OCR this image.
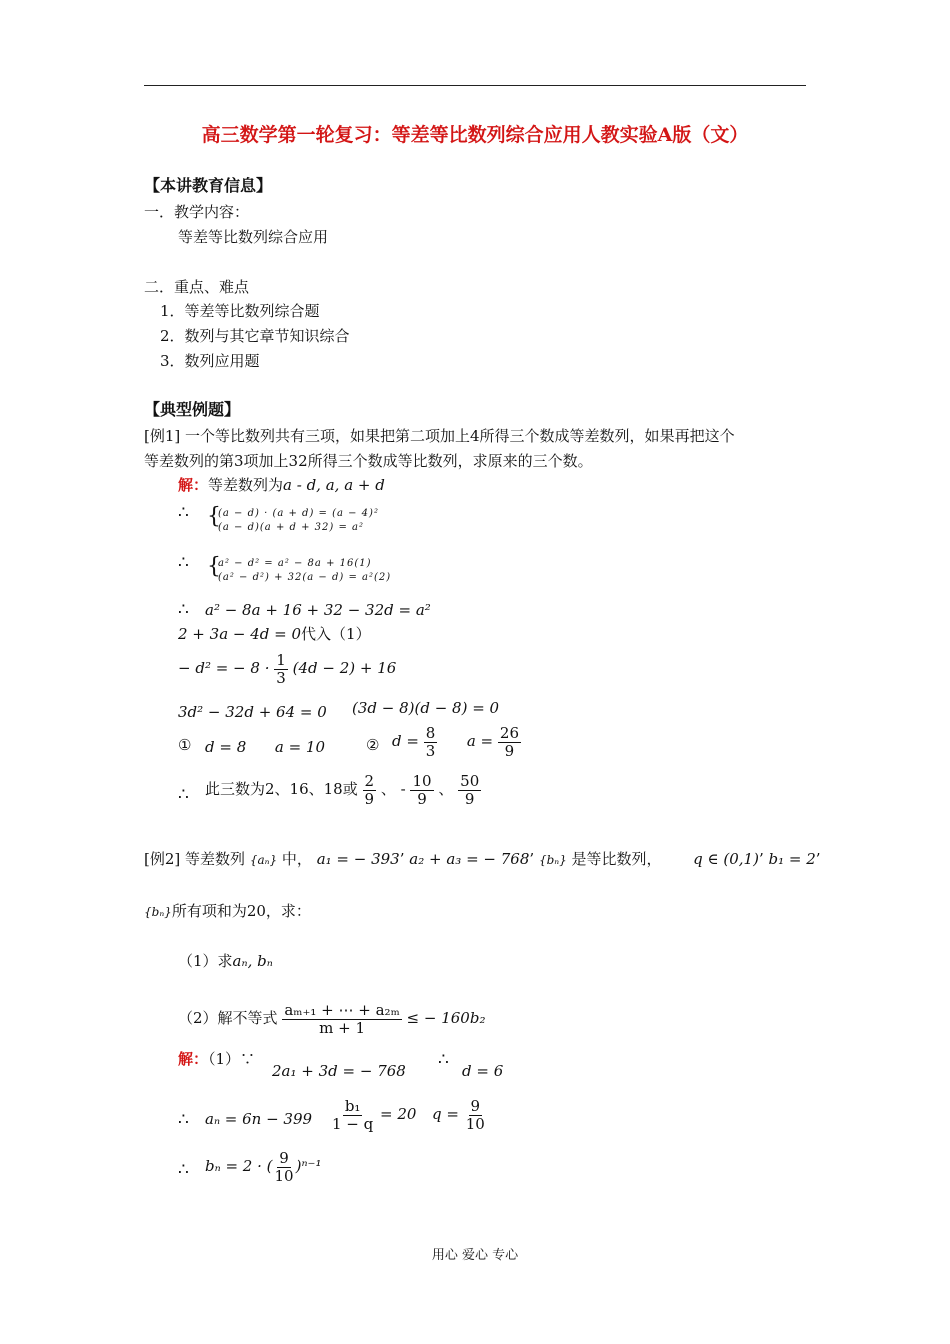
高三数学第一轮复习：等差等比数列综合应用人教实验A版（文）
【本讲教育信息】
一．教学内容：
等差等比数列综合应用
二．重点、难点
1．等差等比数列综合题
2．数列与其它章节知识综合
3．数列应用题
【典型例题】
[例1] 一个等比数列共有三项，如果把第二项加上4所得三个数成等差数列，如果再把这个
等差数列的第3项加上32所得三个数成等比数列，求原来的三个数。
解：等差数列为a - d, a, a + d
∴ {
(a − d) · (a + d) = (a − 4)²
(a − d)(a + d + 32) = a²
∴ {
a² − d² = a² − 8a + 16(1)
(a² − d²) + 32(a − d) = a²(2)
∴ a² − 8a + 16 + 32 − 32d = a²
2 + 3a − 4d = 0代入（1）
− d² = − $8 \cdot \frac{1}{3} (4d - 2) + 16$
3d² − 32d + 64 = 0 (3d − 8)(d − 8) = 0
① d = 8      a = 10	② $d = \frac{8}{3}$ $a = \frac{26}{9}$
∴ 此三数为2、16、18或 $\frac{2}{9}$ 、 - $\frac{10}{9}$ 、 $\frac{50}{9}$
[例2] 等差数列 {aₙ} 中， a₁ = − 393’ a₂ + a₃ = − 768’ {bₙ} 是等比数列， q ∈ (0,1)’ b₁ = 2’
{bₙ}所有项和为20，求：
（1）求aₙ, bₙ
（2）解不等式 $\frac{\text{aₘ₊₁ + ⋯ + a₂ₘ}}{m + 1}$ ≤ − 160b₂
解：（1）∵
2a₁ + 3d = − 768
∴
d = 6
∴ $a_n = 6n - 399 \frac{\text{b₁}}{1 - q} = 20$ $q = \frac{9}{10}$
∴ bₙ = 2 · ( $\frac{9}{10} )^{n-1}$
用心 爱心 专心
